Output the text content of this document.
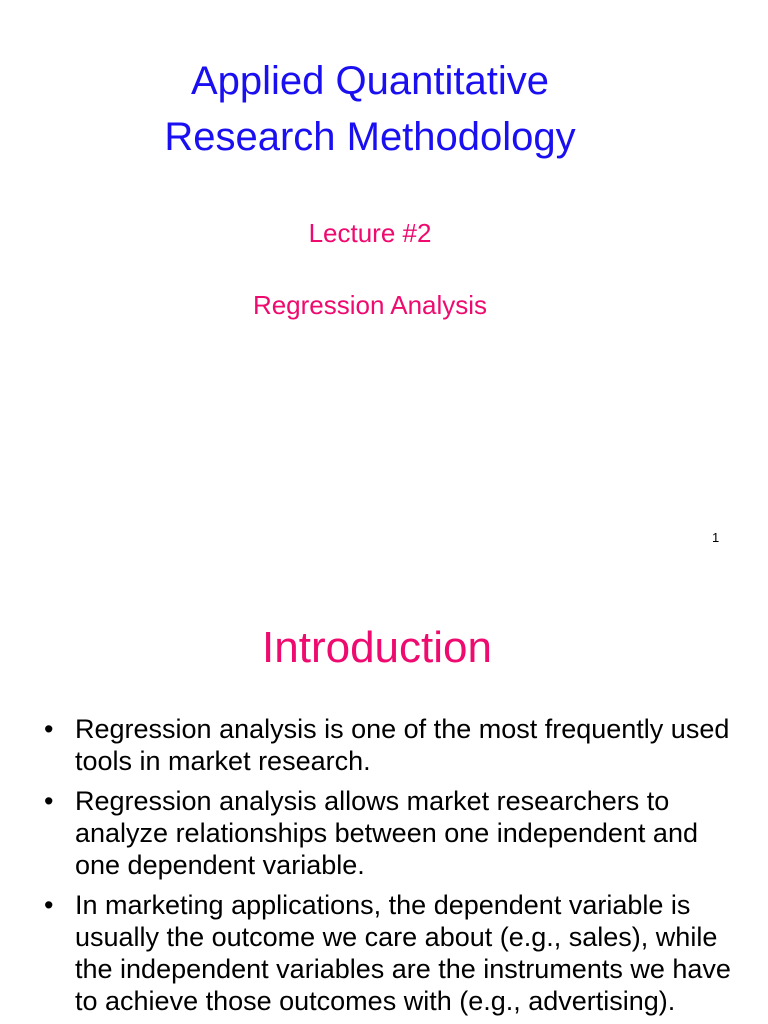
Applied Quantitative
Research Methodology
Lecture #2
Regression Analysis
1
Introduction
• Regression analysis is one of the most frequently used tools in market research.
• Regression analysis allows market researchers to analyze relationships between one independent and one dependent variable.
• In marketing applications, the dependent variable is usually the outcome we care about (e.g., sales), while the independent variables are the instruments we have to achieve those outcomes with (e.g., advertising).
